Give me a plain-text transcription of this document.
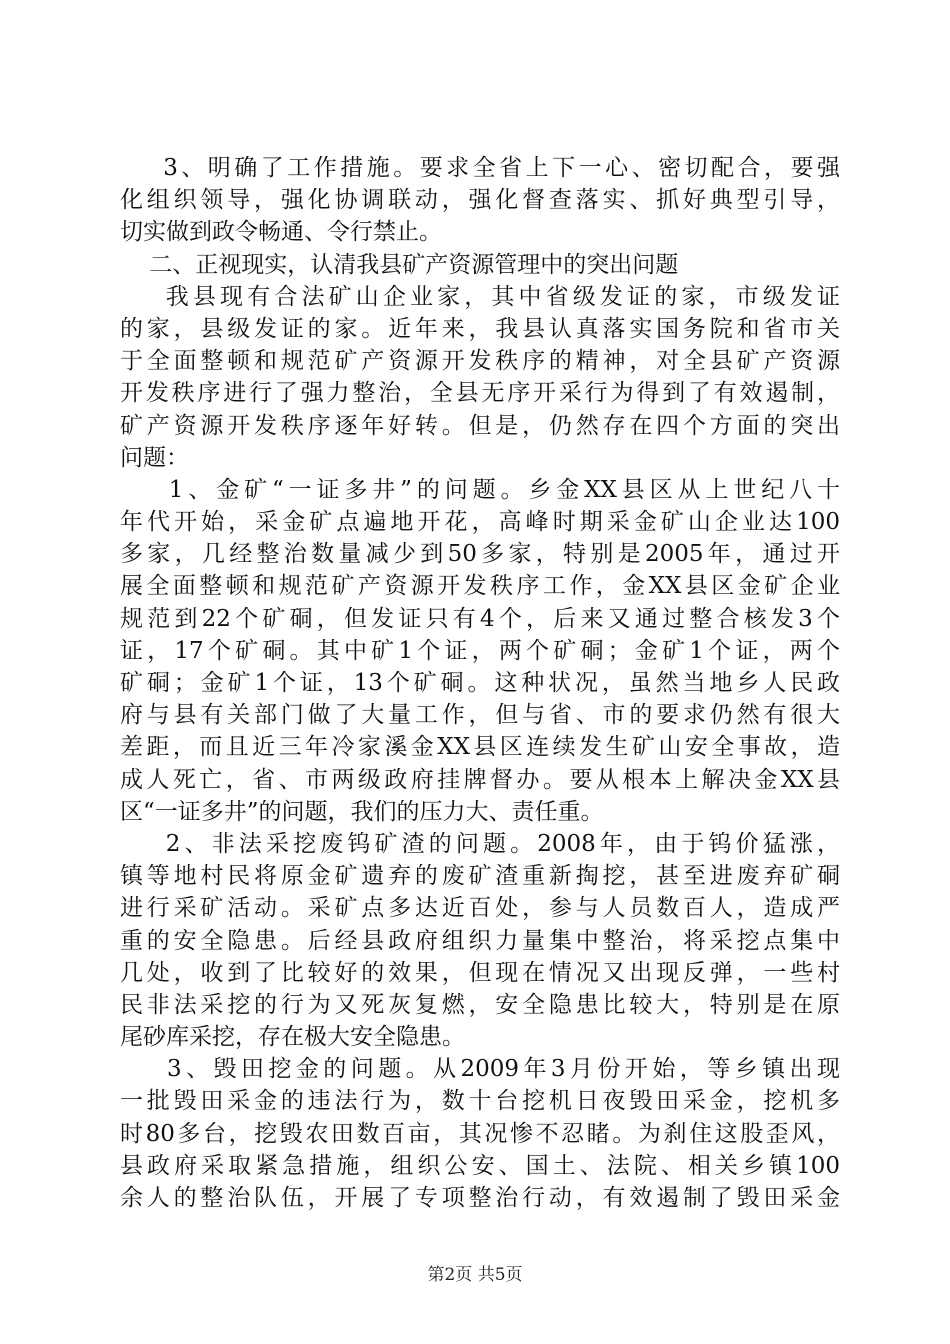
3、明确了工作措施。要求全省上下一心、密切配合，要强
化组织领导，强化协调联动，强化督查落实、抓好典型引导，
切实做到政令畅通、令行禁止。
二、正视现实，认清我县矿产资源管理中的突出问题
我县现有合法矿山企业家，其中省级发证的家，市级发证
的家，县级发证的家。近年来，我县认真落实国务院和省市关
于全面整顿和规范矿产资源开发秩序的精神，对全县矿产资源
开发秩序进行了强力整治，全县无序开采行为得到了有效遏制，
矿产资源开发秩序逐年好转。但是，仍然存在四个方面的突出
问题：
1、金矿“一证多井”的问题。乡金XX县区从上世纪八十
年代开始，采金矿点遍地开花，高峰时期采金矿山企业达100
多家，几经整治数量减少到50多家，特别是2005年，通过开
展全面整顿和规范矿产资源开发秩序工作，金XX县区金矿企业
规范到22个矿硐，但发证只有4个，后来又通过整合核发3个
证，17个矿硐。其中矿1个证，两个矿硐；金矿1个证，两个
矿硐；金矿1个证，13个矿硐。这种状况，虽然当地乡人民政
府与县有关部门做了大量工作，但与省、市的要求仍然有很大
差距，而且近三年冷家溪金XX县区连续发生矿山安全事故，造
成人死亡，省、市两级政府挂牌督办。要从根本上解决金XX县
区“一证多井”的问题，我们的压力大、责任重。
2、非法采挖废钨矿渣的问题。2008年，由于钨价猛涨，
镇等地村民将原金矿遗弃的废矿渣重新掏挖，甚至进废弃矿硐
进行采矿活动。采矿点多达近百处，参与人员数百人，造成严
重的安全隐患。后经县政府组织力量集中整治，将采挖点集中
几处，收到了比较好的效果，但现在情况又出现反弹，一些村
民非法采挖的行为又死灰复燃，安全隐患比较大，特别是在原
尾砂库采挖，存在极大安全隐患。
3、毁田挖金的问题。从2009年3月份开始，等乡镇出现
一批毁田采金的违法行为，数十台挖机日夜毁田采金，挖机多
时80多台，挖毁农田数百亩，其况惨不忍睹。为刹住这股歪风，
县政府采取紧急措施，组织公安、国土、法院、相关乡镇100
余人的整治队伍，开展了专项整治行动，有效遏制了毁田采金
第2页 共5页
